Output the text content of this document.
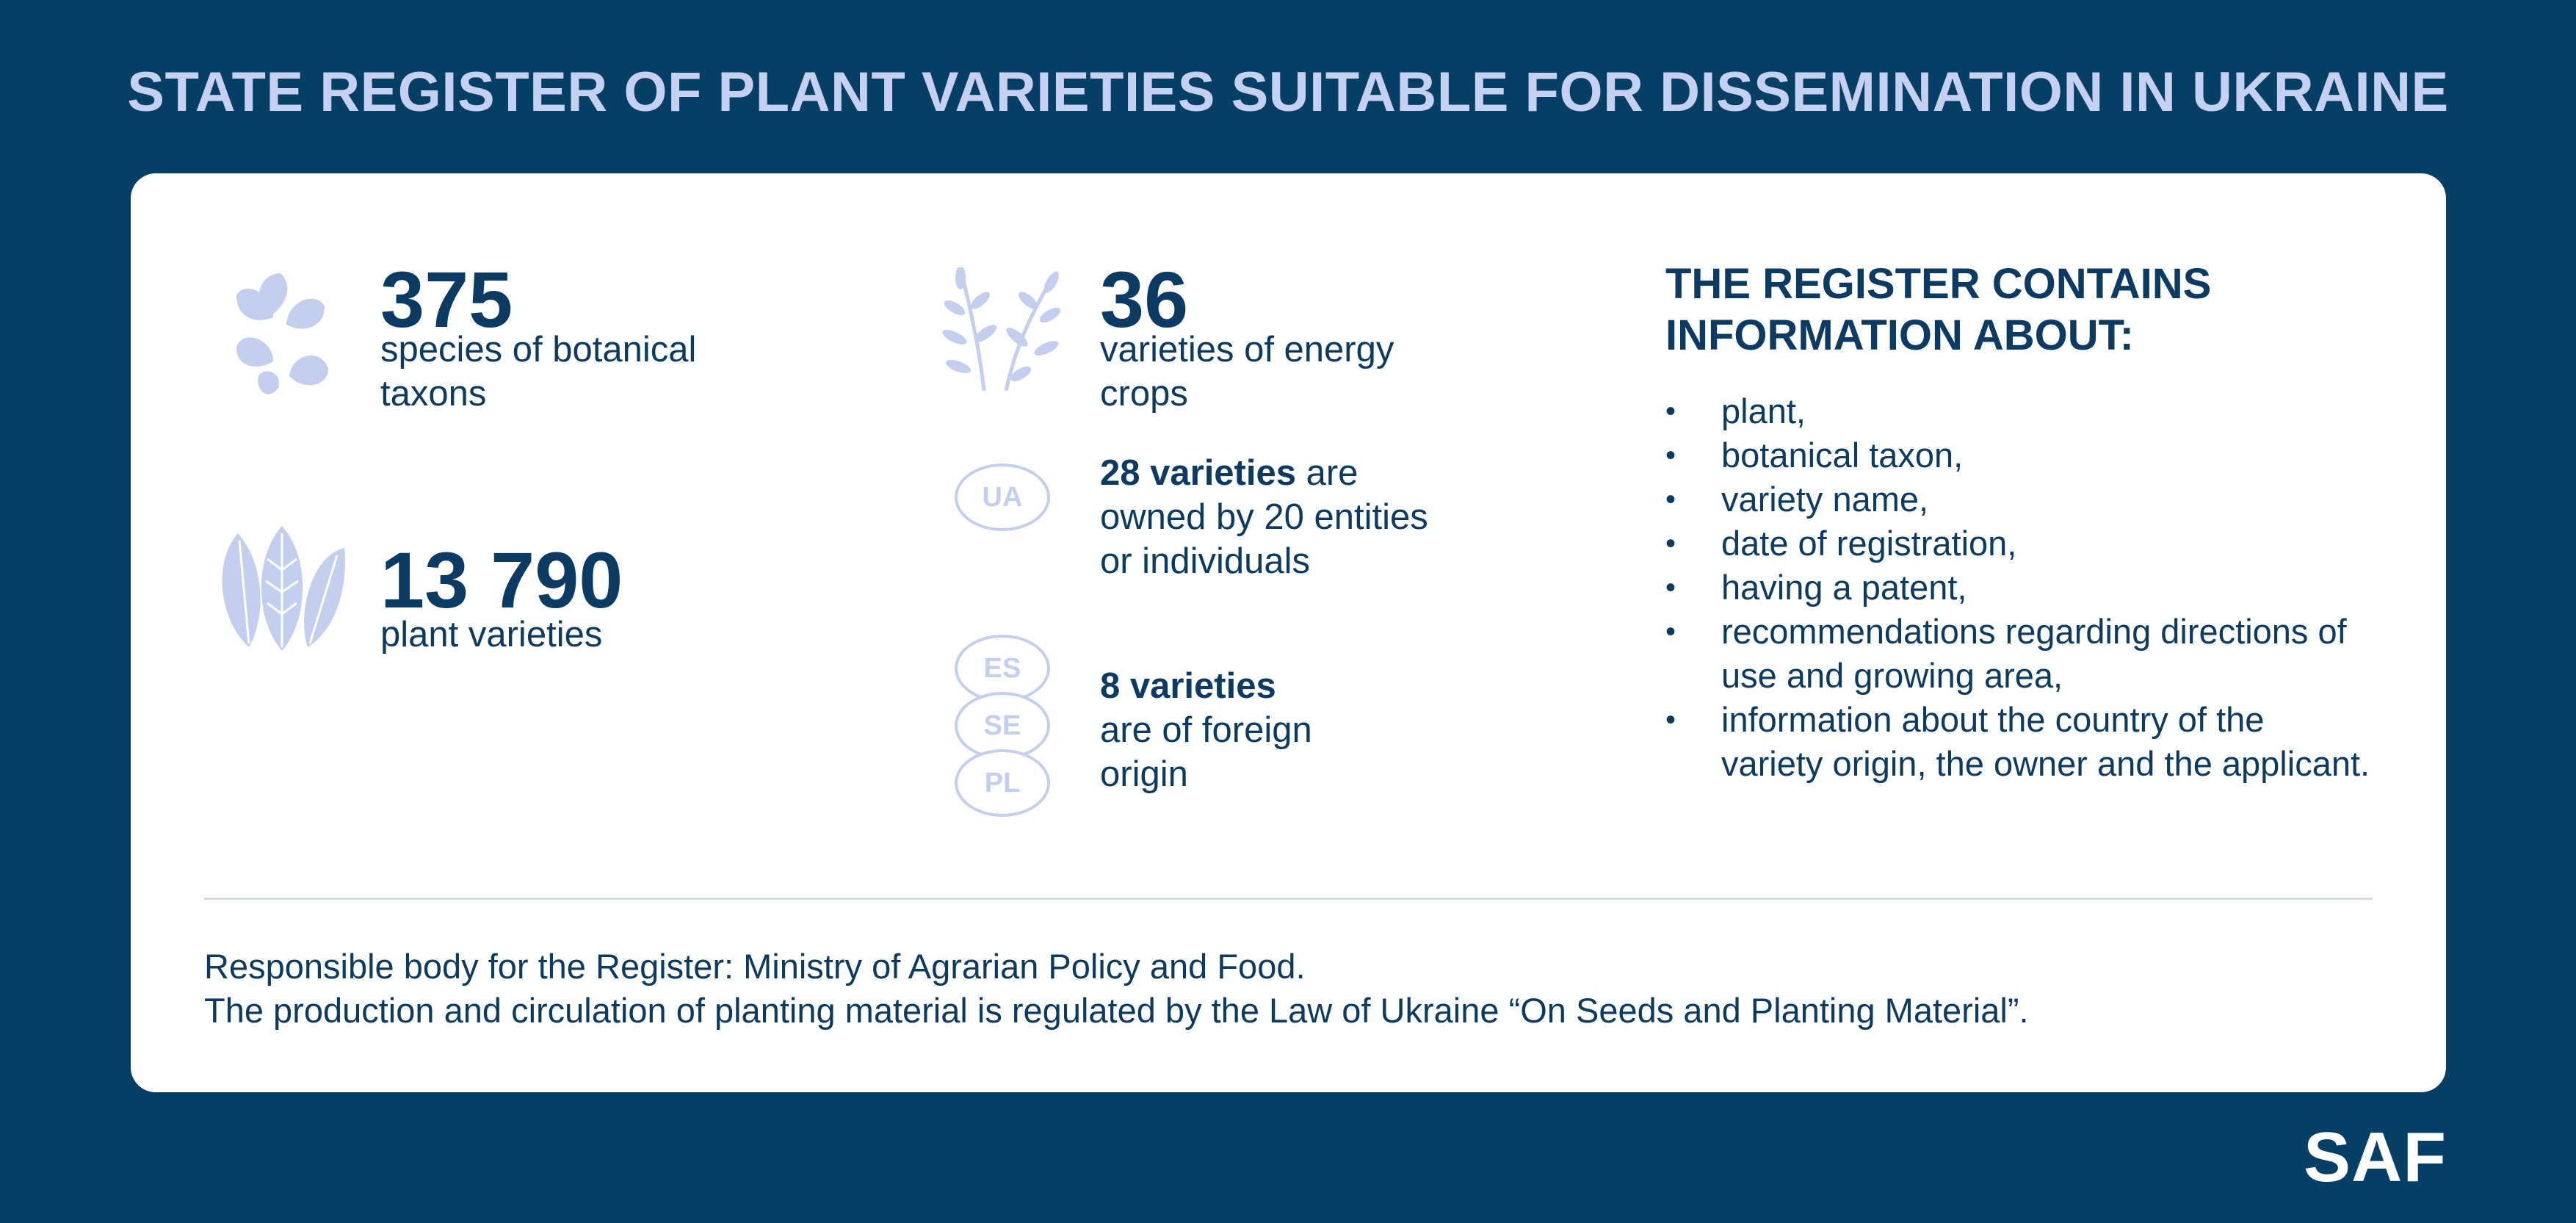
STATE REGISTER OF PLANT VARIETIES SUITABLE FOR DISSEMINATION IN UKRAINE
375
species of botanical
taxons
13 790
plant varieties
36
varieties of energy
crops
UA
28 varieties are
owned by 20 entities
or individuals
ES
SE
PL
8 varieties
are of foreign
origin
THE REGISTER CONTAINS
INFORMATION ABOUT:
• plant,
• botanical taxon,
• variety name,
• date of registration,
• having a patent,
• recommendations regarding directions of use and growing area,
• information about the country of the variety origin, the owner and the applicant.
Responsible body for the Register: Ministry of Agrarian Policy and Food.
The production and circulation of planting material is regulated by the Law of Ukraine “On Seeds and Planting Material”.
SAF
